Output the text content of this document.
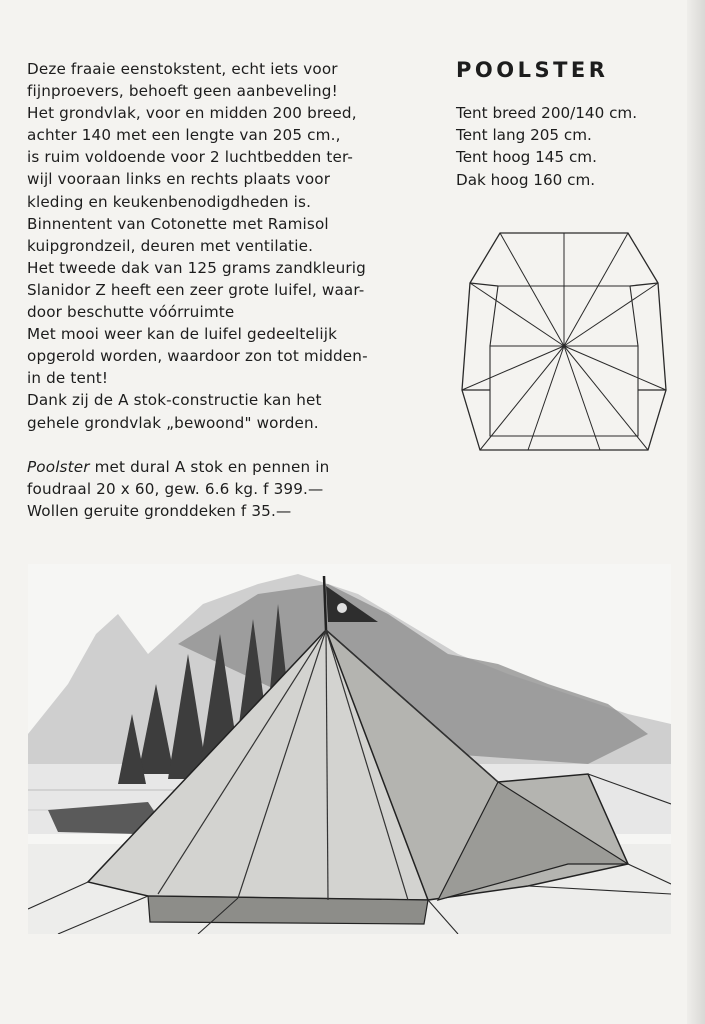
Deze fraaie eenstokstent, echt iets voor

fijnproevers, behoeft geen aanbeveling!

Het grondvlak, voor en midden 200 breed,

achter 140 met een lengte van 205 cm.,

is ruim voldoende voor 2 luchtbedden ter-

wijl vooraan links en rechts plaats voor

kleding en keukenbenodigdheden is.

Binnentent van Cotonette met Ramisol

kuipgrondzeil, deuren met ventilatie.

Het tweede dak van 125 grams zandkleurig

Slanidor Z heeft een zeer grote luifel, waar-

door beschutte vóórruimte

Met mooi weer kan de luifel gedeeltelijk

opgerold worden, waardoor zon tot midden-

in de tent!

Dank zij de A stok-constructie kan het

gehele grondvlak „bewoond" worden.

Poolster met dural A stok en pennen in

foudraal 20 x 60, gew. 6.6 kg. f 399.—

Wollen geruite gronddeken f 35.—

POOLSTER
Tent breed 200/140 cm.
Tent lang 205 cm.
Tent hoog 145 cm.
Dak hoog 160 cm.
